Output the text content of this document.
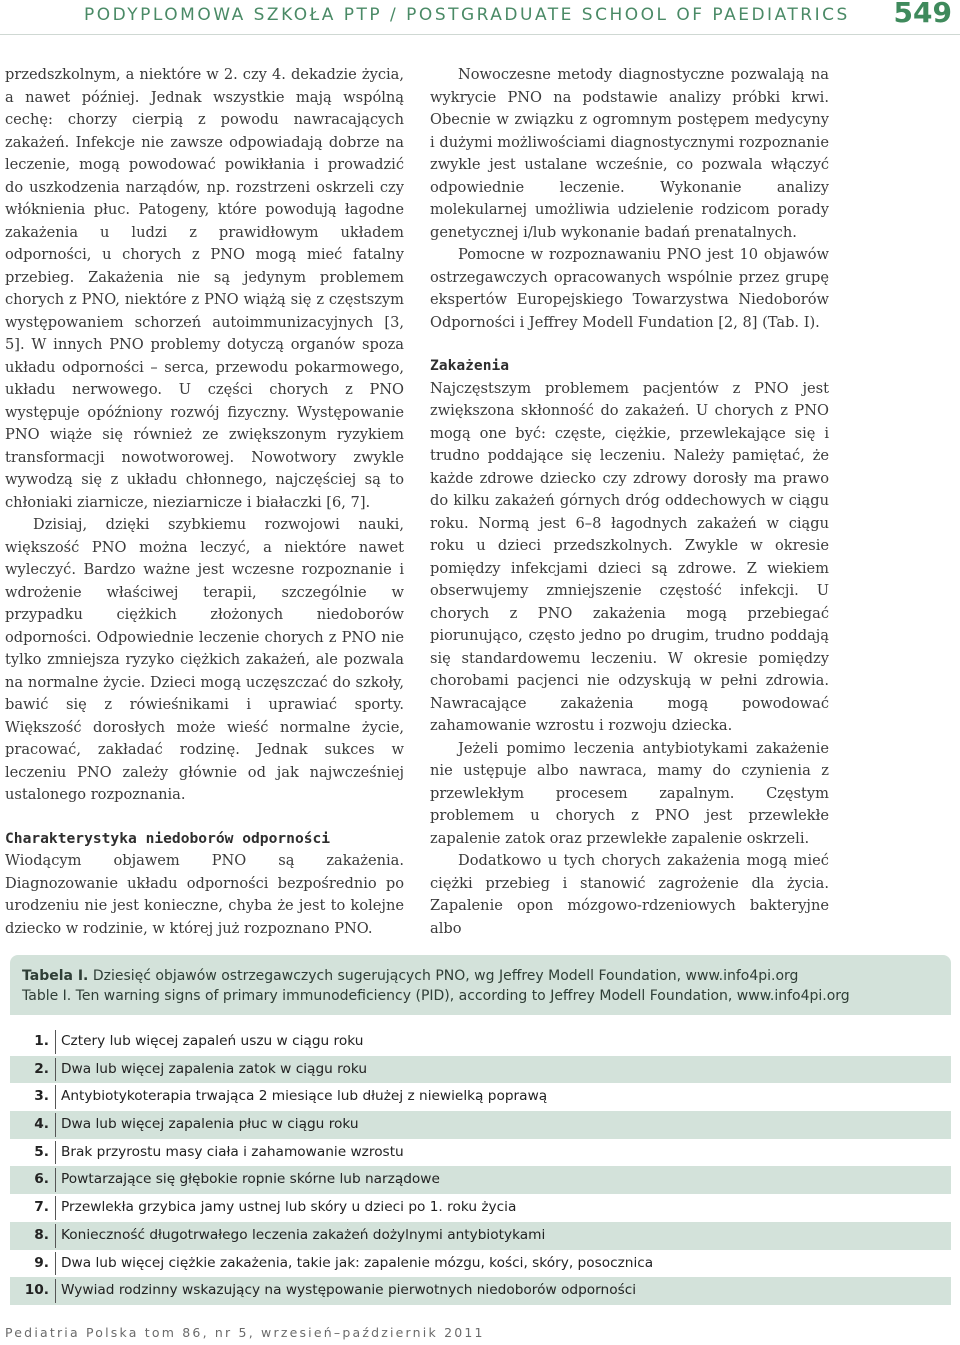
PODYPLOMOWA SZKOŁA PTP / POSTGRADUATE SCHOOL OF PAEDIATRICS 549

przedszkolnym, a niektóre w 2. czy 4. dekadzie życia, a nawet później. Jednak wszystkie mają wspólną cechę: chorzy cierpią z powodu nawracających zakażeń. Infekcje nie zawsze odpowiadają dobrze na leczenie, mogą powodować powikłania i prowadzić do uszkodzenia narządów, np. rozstrzeni oskrzeli czy włóknienia płuc. Patogeny, które powodują łagodne zakażenia u ludzi z prawidłowym układem odporności, u chorych z PNO mogą mieć fatalny przebieg. Zakażenia nie są jedynym problemem chorych z PNO, niektóre z PNO wiążą się z częstszym występowaniem schorzeń autoimmunizacyjnych [3, 5]. W innych PNO problemy dotyczą organów spoza układu odporności – serca, przewodu pokarmowego, układu nerwowego. U części chorych z PNO występuje opóźniony rozwój fizyczny. Występowanie PNO wiąże się również ze zwiększonym ryzykiem transformacji nowotworowej. Nowotwory zwykle wywodzą się z układu chłonnego, najczęściej są to chłoniaki ziarnicze, nieziarnicze i białaczki [6, 7].

Dzisiaj, dzięki szybkiemu rozwojowi nauki, większość PNO można leczyć, a niektóre nawet wyleczyć. Bardzo ważne jest wczesne rozpoznanie i wdrożenie właściwej terapii, szczególnie w przypadku ciężkich złożonych niedoborów odporności. Odpowiednie leczenie chorych z PNO nie tylko zmniejsza ryzyko ciężkich zakażeń, ale pozwala na normalne życie. Dzieci mogą uczęszczać do szkoły, bawić się z rówieśnikami i uprawiać sporty. Większość dorosłych może wieść normalne życie, pracować, zakładać rodzinę. Jednak sukces w leczeniu PNO zależy głównie od jak najwcześniej ustalonego rozpoznania.

Charakterystyka niedoborów odporności

Wiodącym objawem PNO są zakażenia. Diagnozowanie układu odporności bezpośrednio po urodzeniu nie jest konieczne, chyba że jest to kolejne dziecko w rodzinie, w której już rozpoznano PNO.

Nowoczesne metody diagnostyczne pozwalają na wykrycie PNO na podstawie analizy próbki krwi. Obecnie w związku z ogromnym postępem medycyny i dużymi możliwościami diagnostycznymi rozpoznanie zwykle jest ustalane wcześnie, co pozwala włączyć odpowiednie leczenie. Wykonanie analizy molekularnej umożliwia udzielenie rodzicom porady genetycznej i/lub wykonanie badań prenatalnych.

Pomocne w rozpoznawaniu PNO jest 10 objawów ostrzegawczych opracowanych wspólnie przez grupę ekspertów Europejskiego Towarzystwa Niedoborów Odporności i Jeffrey Modell Fundation [2, 8] (Tab. I).

Zakażenia

Najczęstszym problemem pacjentów z PNO jest zwiększona skłonność do zakażeń. U chorych z PNO mogą one być: częste, ciężkie, przewlekające się i trudno poddające się leczeniu. Należy pamiętać, że każde zdrowe dziecko czy zdrowy dorosły ma prawo do kilku zakażeń górnych dróg oddechowych w ciągu roku. Normą jest 6–8 łagodnych zakażeń w ciągu roku u dzieci przedszkolnych. Zwykle w okresie pomiędzy infekcjami dzieci są zdrowe. Z wiekiem obserwujemy zmniejszenie częstość infekcji. U chorych z PNO zakażenia mogą przebiegać piorunująco, często jedno po drugim, trudno poddają się standardowemu leczeniu. W okresie pomiędzy chorobami pacjenci nie odzyskują w pełni zdrowia. Nawracające zakażenia mogą powodować zahamowanie wzrostu i rozwoju dziecka.

Jeżeli pomimo leczenia antybiotykami zakażenie nie ustępuje albo nawraca, mamy do czynienia z przewlekłym procesem zapalnym. Częstym problemem u chorych z PNO jest przewlekłe zapalenie zatok oraz przewlekłe zapalenie oskrzeli.

Dodatkowo u tych chorych zakażenia mogą mieć ciężki przebieg i stanowić zagrożenie dla życia. Zapalenie opon mózgowo-rdzeniowych bakteryjne albo

Tabela I. Dziesięć objawów ostrzegawczych sugerujących PNO, wg Jeffrey Modell Foundation, www.info4pi.org
Table I. Ten warning signs of primary immunodeficiency (PID), according to Jeffrey Modell Foundation, www.info4pi.org
1. Cztery lub więcej zapaleń uszu w ciągu roku
2. Dwa lub więcej zapalenia zatok w ciągu roku
3. Antybiotykoterapia trwająca 2 miesiące lub dłużej z niewielką poprawą
4. Dwa lub więcej zapalenia płuc w ciągu roku
5. Brak przyrostu masy ciała i zahamowanie wzrostu
6. Powtarzające się głębokie ropnie skórne lub narządowe
7. Przewlekła grzybica jamy ustnej lub skóry u dzieci po 1. roku życia
8. Konieczność długotrwałego leczenia zakażeń dożylnymi antybiotykami
9. Dwa lub więcej ciężkie zakażenia, takie jak: zapalenie mózgu, kości, skóry, posocznica
10. Wywiad rodzinny wskazujący na występowanie pierwotnych niedoborów odporności
Pediatria Polska tom 86, nr 5, wrzesień–październik 2011
